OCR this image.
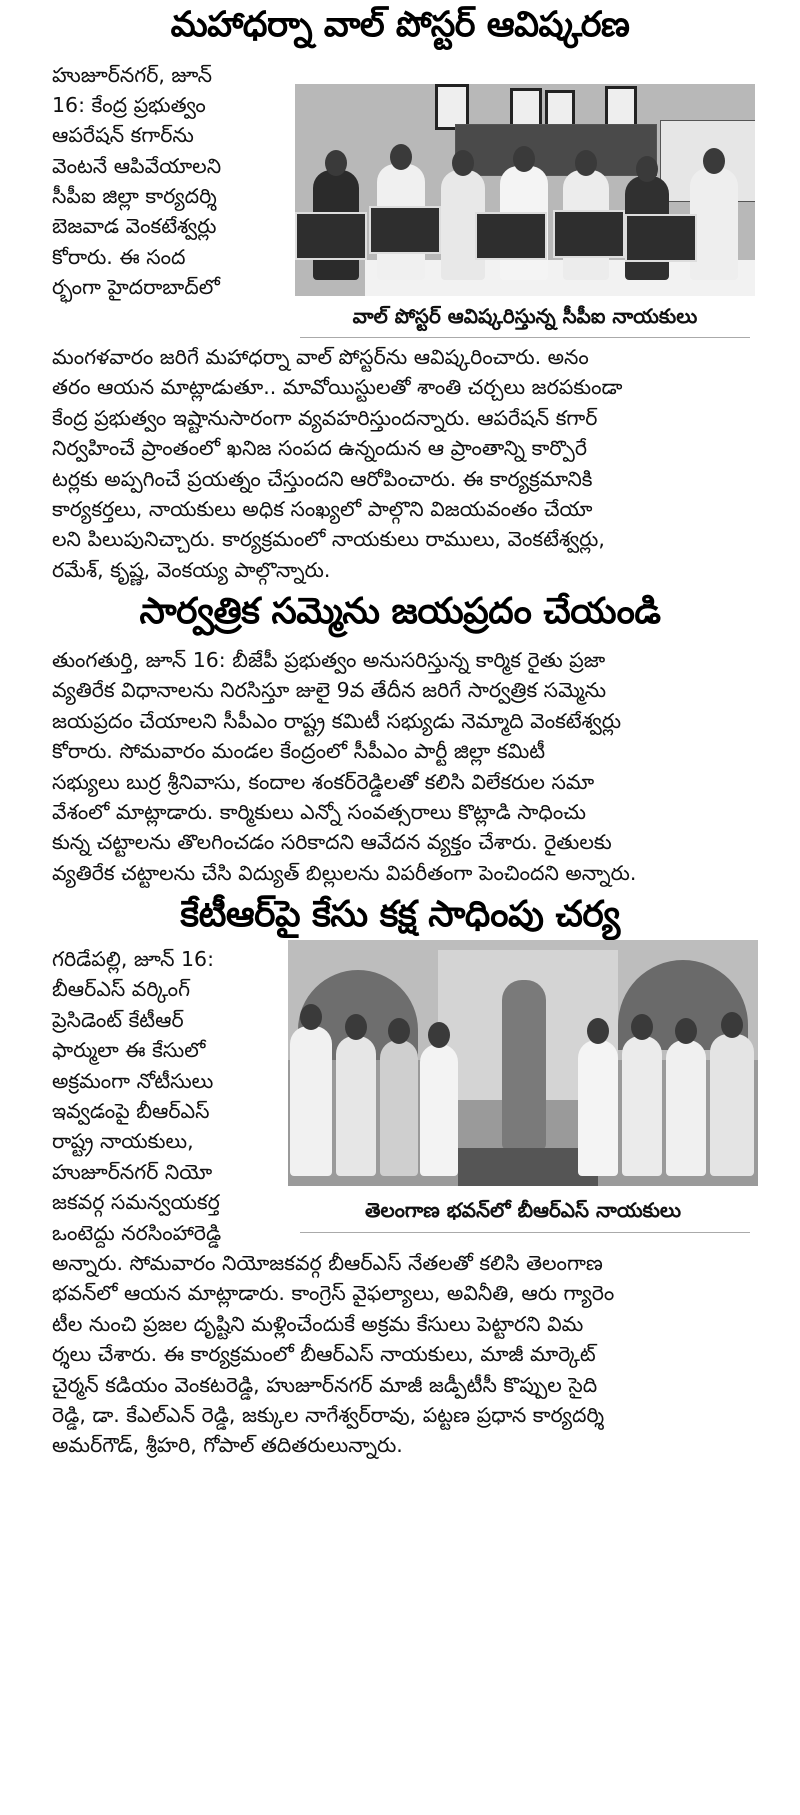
మహాధర్నా వాల్‌ పోస్టర్‌ ఆవిష్కరణ
హుజూర్‌నగర్‌, జూన్
16: కేంద్ర ప్రభుత్వం
ఆపరేషన్‌ కగార్‌ను
వెంటనే ఆపివేయాలని
సీపీఐ జిల్లా కార్యదర్శి
బెజవాడ వెంకటేశ్వర్లు
కోరారు. ఈ సంద
ర్భంగా హైదరాబాద్‌లో
వాల్‌ పోస్టర్‌ ఆవిష్కరిస్తున్న సీపీఐ నాయకులు
మంగళవారం జరిగే మహాధర్నా వాల్‌ పోస్టర్‌ను ఆవిష్కరించారు. అనం
తరం ఆయన మాట్లాడుతూ.. మావోయిస్టులతో శాంతి చర్చలు జరపకుండా
కేంద్ర ప్రభుత్వం ఇష్టానుసారంగా వ్యవహరిస్తుందన్నారు. ఆపరేషన్‌ కగార్‌
నిర్వహించే ప్రాంతంలో ఖనిజ సంపద ఉన్నందున ఆ ప్రాంతాన్ని కార్పొరే
టర్లకు అప్పగించే ప్రయత్నం చేస్తుందని ఆరోపించారు. ఈ కార్యక్రమానికి
కార్యకర్తలు, నాయకులు అధిక సంఖ్యలో పాల్గొని విజయవంతం చేయా
లని పిలుపునిచ్చారు. కార్యక్రమంలో నాయకులు రాములు, వెంకటేశ్వర్లు,
రమేశ్‌, కృష్ణ, వెంకయ్య పాల్గొన్నారు.
సార్వత్రిక సమ్మెను జయప్రదం చేయండి
తుంగతుర్తి, జూన్‌ 16: బీజేపీ ప్రభుత్వం అనుసరిస్తున్న కార్మిక రైతు ప్రజా
వ్యతిరేక విధానాలను నిరసిస్తూ జులై 9వ తేదీన జరిగే సార్వత్రిక సమ్మెను
జయప్రదం చేయాలని సీపీఎం రాష్ట్ర కమిటీ సభ్యుడు నెమ్మాది వెంకటేశ్వర్లు
కోరారు. సోమవారం మండల కేంద్రంలో సీపీఎం పార్టీ జిల్లా కమిటీ
సభ్యులు బుర్ర శ్రీనివాసు, కందాల శంకర్‌రెడ్డిలతో కలిసి విలేకరుల సమా
వేశంలో మాట్లాడారు. కార్మికులు ఎన్నో సంవత్సరాలు కొట్లాడి సాధించు
కున్న చట్టాలను తొలగించడం సరికాదని ఆవేదన వ్యక్తం చేశారు. రైతులకు
వ్యతిరేక చట్టాలను చేసి విద్యుత్‌ బిల్లులను విపరీతంగా పెంచిందని అన్నారు.
కేటీఆర్‌పై కేసు కక్ష సాధింపు చర్య
గరిడేపల్లి, జూన్‌ 16:
బీఆర్‌ఎస్‌ వర్కింగ్‌
ప్రెసిడెంట్‌ కేటీఆర్‌
ఫార్ములా ఈ కేసులో
అక్రమంగా నోటీసులు
ఇవ్వడంపై బీఆర్‌ఎస్‌
రాష్ట్ర నాయకులు,
హుజూర్‌నగర్‌ నియో
జకవర్గ సమన్వయకర్త
ఒంటెద్దు నరసింహారెడ్డి
తెలంగాణ భవన్‌లో బీఆర్‌ఎస్‌ నాయకులు
అన్నారు. సోమవారం నియోజకవర్గ బీఆర్‌ఎస్‌ నేతలతో కలిసి తెలంగాణ
భవన్‌లో ఆయన మాట్లాడారు. కాంగ్రెస్‌ వైఫల్యాలు, అవినీతి, ఆరు గ్యారెం
టీల నుంచి ప్రజల దృష్టిని మళ్లించేందుకే అక్రమ కేసులు పెట్టారని విమ
ర్శలు చేశారు. ఈ కార్యక్రమంలో బీఆర్‌ఎస్‌ నాయకులు, మాజీ మార్కెట్‌
చైర్మన్‌ కడియం వెంకటరెడ్డి, హుజూర్‌నగర్‌ మాజీ జడ్పీటీసీ కొప్పుల సైది
రెడ్డి, డా. కేఎల్‌ఎన్‌ రెడ్డి, జక్కుల నాగేశ్వర్‌రావు, పట్టణ ప్రధాన కార్యదర్శి
అమర్‌గౌడ్‌, శ్రీహరి, గోపాల్‌ తదితరులున్నారు.
